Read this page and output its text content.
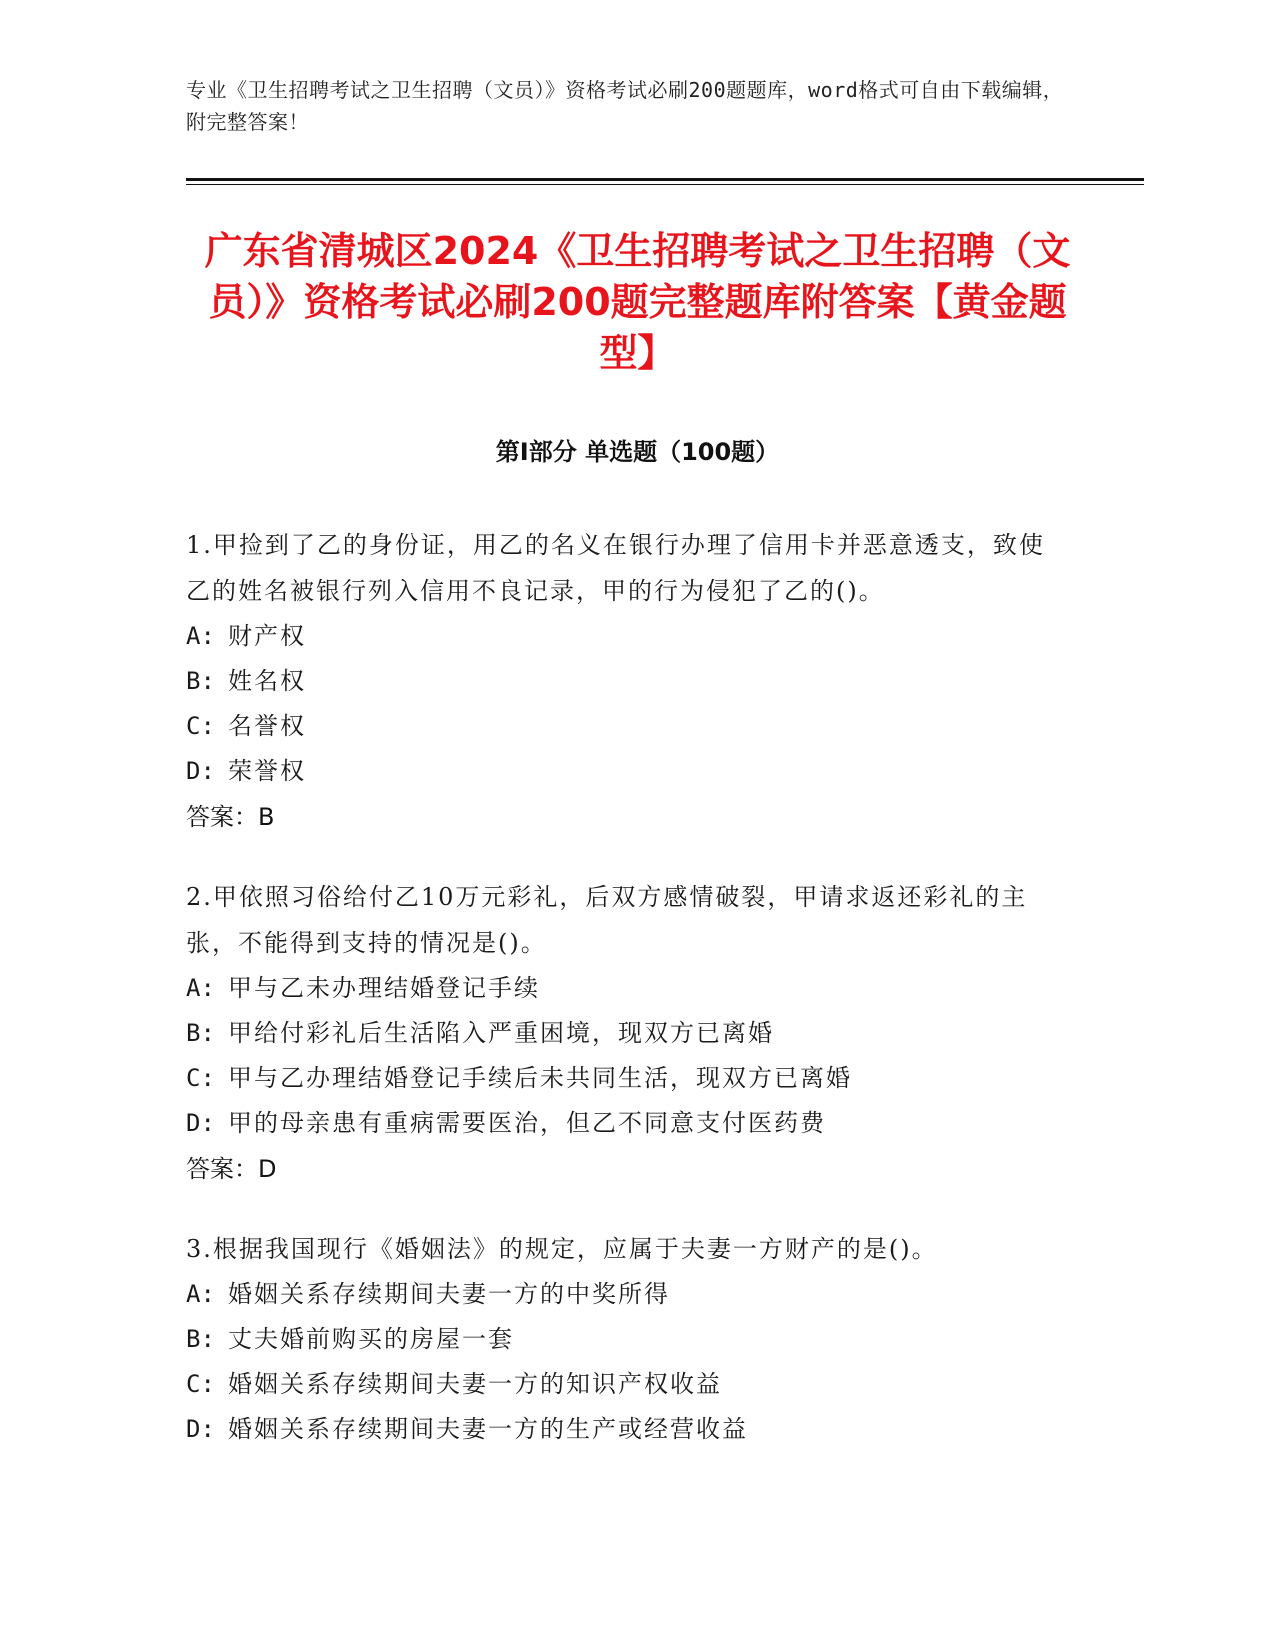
专业《卫生招聘考试之卫生招聘（文员）》资格考试必刷200题题库，word格式可自由下载编辑，附完整答案！
广东省清城区2024《卫生招聘考试之卫生招聘（文员）》资格考试必刷200题完整题库附答案【黄金题型】
第Ⅰ部分 单选题（100题）

1.甲捡到了乙的身份证，用乙的名义在银行办理了信用卡并恶意透支，致使乙的姓名被银行列入信用不良记录，甲的行为侵犯了乙的()。

A: 财产权

B: 姓名权

C: 名誉权

D: 荣誉权

答案：B

2.甲依照习俗给付乙10万元彩礼，后双方感情破裂，甲请求返还彩礼的主张，不能得到支持的情况是()。

A: 甲与乙未办理结婚登记手续

B: 甲给付彩礼后生活陷入严重困境，现双方已离婚

C: 甲与乙办理结婚登记手续后未共同生活，现双方已离婚

D: 甲的母亲患有重病需要医治，但乙不同意支付医药费

答案：D

3.根据我国现行《婚姻法》的规定，应属于夫妻一方财产的是()。

A: 婚姻关系存续期间夫妻一方的中奖所得

B: 丈夫婚前购买的房屋一套

C: 婚姻关系存续期间夫妻一方的知识产权收益

D: 婚姻关系存续期间夫妻一方的生产或经营收益
